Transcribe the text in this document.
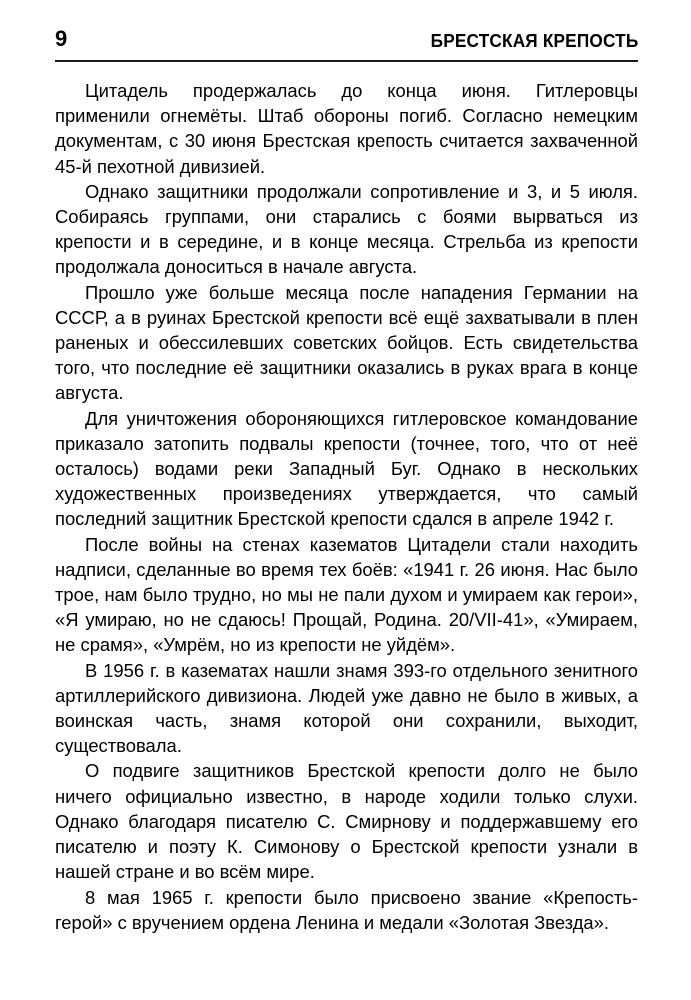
9	БРЕСТСКАЯ КРЕПОСТЬ

Цитадель продержалась до конца июня. Гитлеровцы применили огнемёты. Штаб обороны погиб. Согласно немецким документам, с 30 июня Брестская крепость считается захваченной 45-й пехотной дивизией.

Однако защитники продолжали сопротивление и 3, и 5 июля. Собираясь группами, они старались с боями вырваться из крепости и в середине, и в конце месяца. Стрельба из крепости продолжала доноситься в начале августа.

Прошло уже больше месяца после нападения Германии на СССР, а в руинах Брестской крепости всё ещё захватывали в плен раненых и обессилевших советских бойцов. Есть свидетельства того, что последние её защитники оказались в руках врага в конце августа.

Для уничтожения обороняющихся гитлеровское командование приказало затопить подвалы крепости (точнее, того, что от неё осталось) водами реки Западный Буг. Однако в нескольких художественных произведениях утверждается, что самый последний защитник Брестской крепости сдался в апреле 1942 г.

После войны на стенах казематов Цитадели стали находить надписи, сделанные во время тех боёв: «1941 г. 26 июня. Нас было трое, нам было трудно, но мы не пали духом и умираем как герои», «Я умираю, но не сдаюсь! Прощай, Родина. 20/VII-41», «Умираем, не срамя», «Умрём, но из крепости не уйдём».

В 1956 г. в казематах нашли знамя 393-го отдельного зенитного артиллерийского дивизиона. Людей уже давно не было в живых, а воинская часть, знамя которой они сохранили, выходит, существовала.

О подвиге защитников Брестской крепости долго не было ничего официально известно, в народе ходили только слухи. Однако благодаря писателю С. Смирнову и поддержавшему его писателю и поэту К. Симонову о Брестской крепости узнали в нашей стране и во всём мире.

8 мая 1965 г. крепости было присвоено звание «Крепость-герой» с вручением ордена Ленина и медали «Золотая Звезда».
